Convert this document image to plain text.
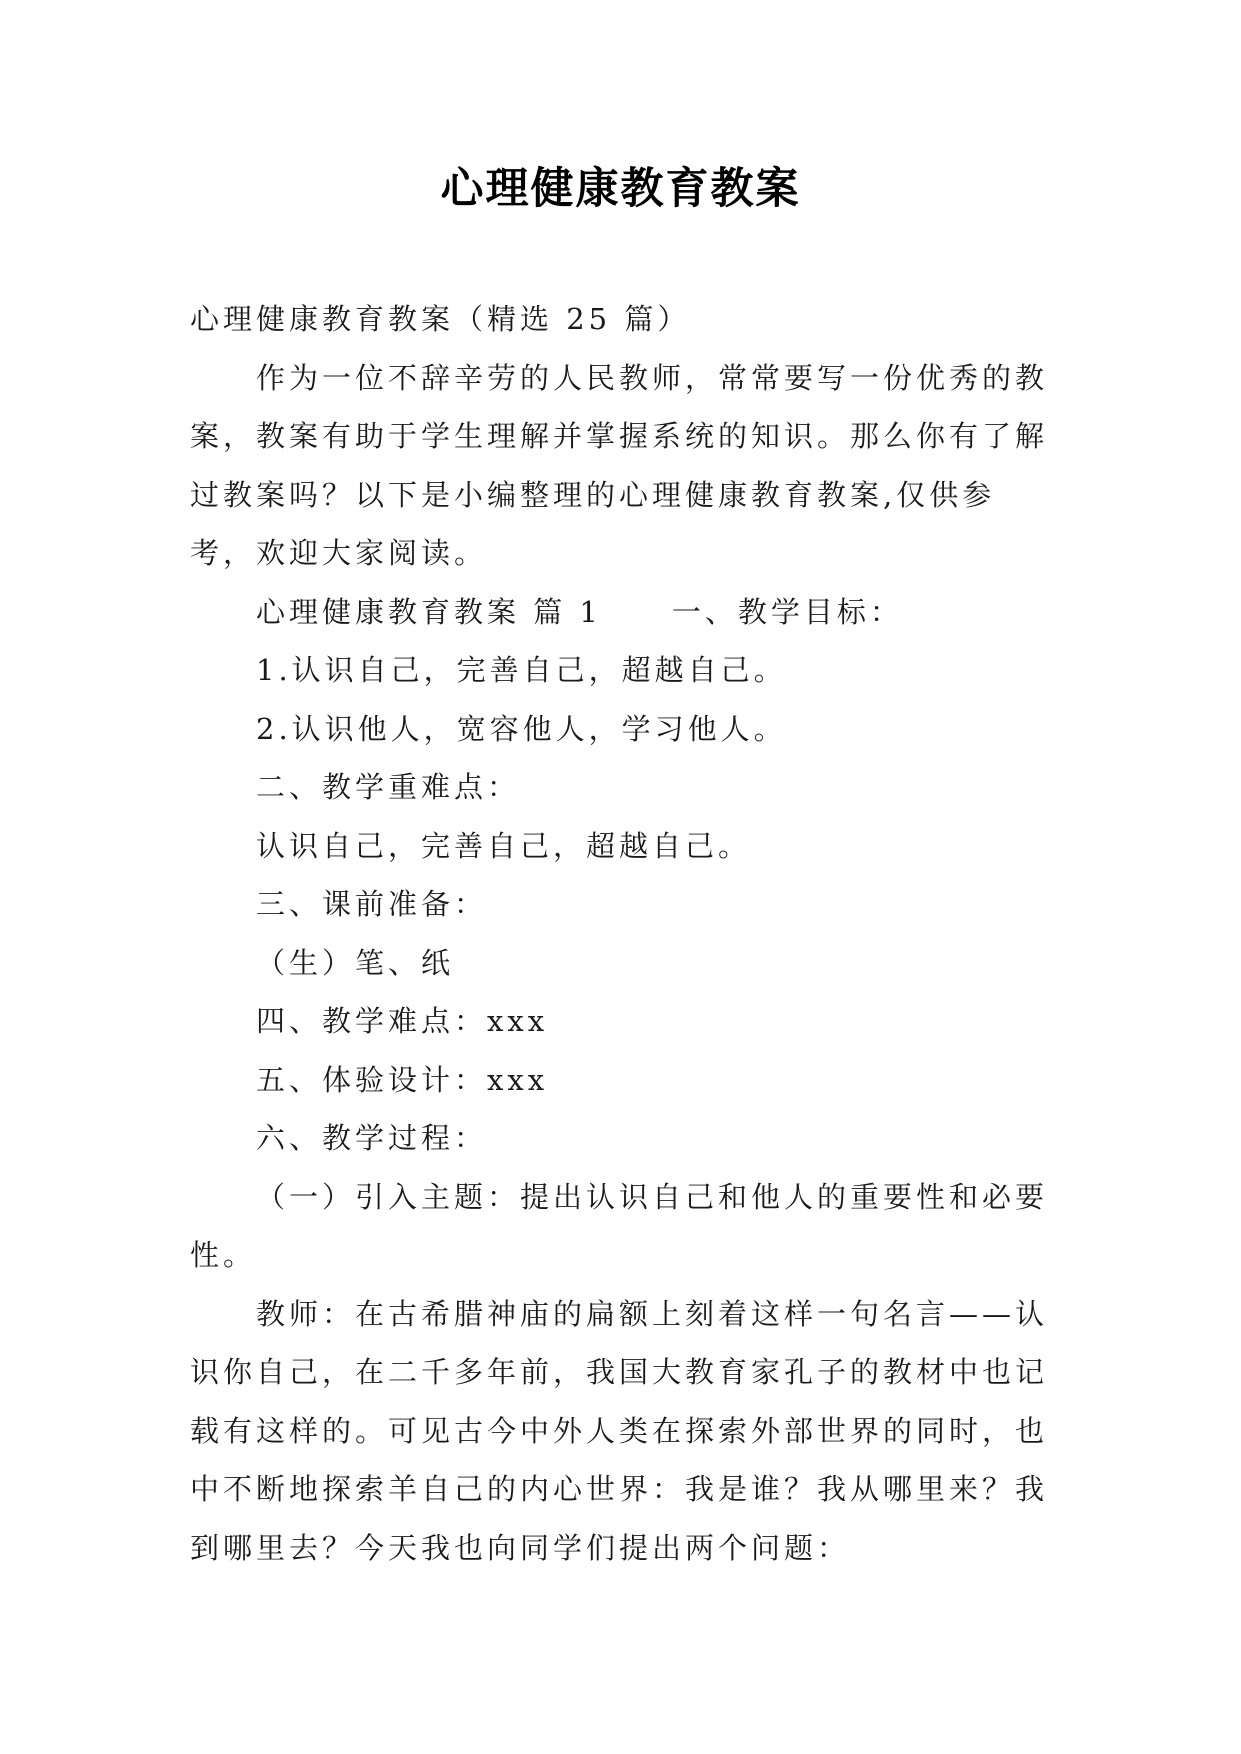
心理健康教育教案

心理健康教育教案（精选 25 篇）

作为一位不辞辛劳的人民教师，常常要写一份优秀的教案，教案有助于学生理解并掌握系统的知识。那么你有了解过教案吗？以下是小编整理的心理健康教育教案,仅供参考，欢迎大家阅读。

心理健康教育教案 篇 1 一、教学目标：

1.认识自己，完善自己，超越自己。

2.认识他人，宽容他人，学习他人。

二、教学重难点：

认识自己，完善自己，超越自己。

三、课前准备：

（生）笔、纸

四、教学难点：xxx

五、体验设计：xxx

六、教学过程：

（一）引入主题：提出认识自己和他人的重要性和必要性。

教师：在古希腊神庙的扁额上刻着这样一句名言——认识你自己，在二千多年前，我国大教育家孔子的教材中也记载有这样的。可见古今中外人类在探索外部世界的同时，也中不断地探索羊自己的内心世界：我是谁？我从哪里来？我到哪里去？今天我也向同学们提出两个问题：
